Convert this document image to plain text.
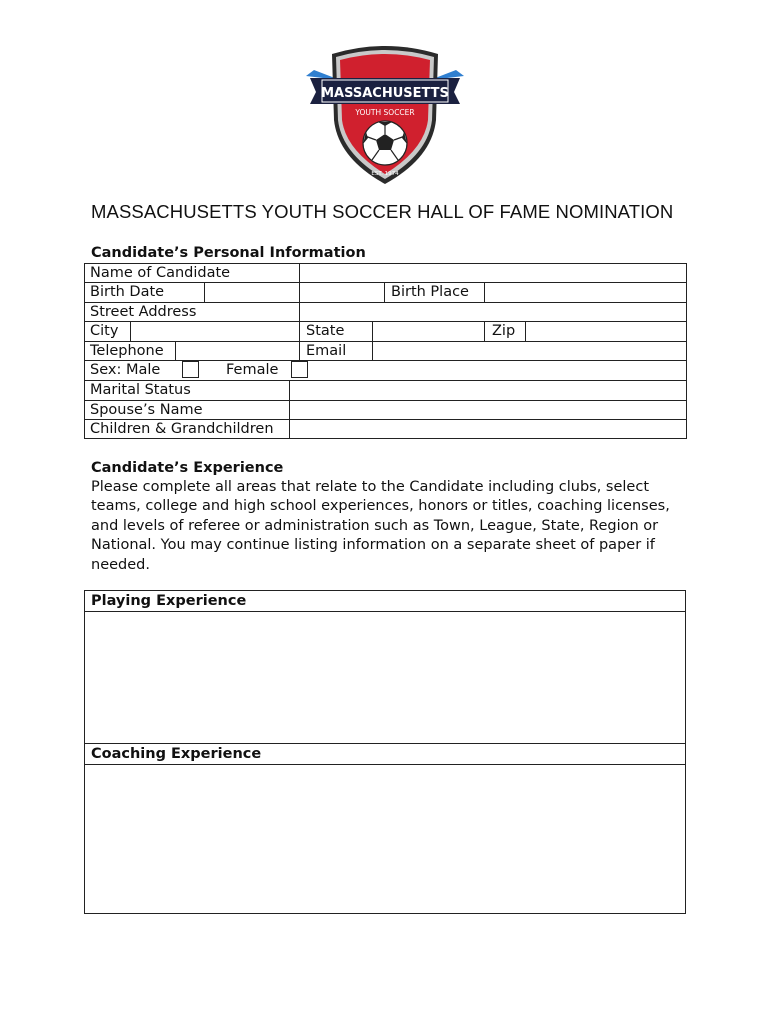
MASSACHUSETTS
YOUTH SOCCER
EST. 1974
MASSACHUSETTS YOUTH SOCCER HALL OF FAME NOMINATION
Candidate’s Personal Information
Name of Candidate
Birth Date	Birth Place
Street Address
City	State	Zip
Telephone	Email
Sex: Male	Female
Marital Status
Spouse’s Name
Children & Grandchildren
Candidate’s Experience
Please complete all areas that relate to the Candidate including clubs, select teams, college and high school experiences, honors or titles, coaching licenses, and levels of referee or administration such as Town, League, State, Region or National. You may continue listing information on a separate sheet of paper if needed.
Playing Experience
Coaching Experience
